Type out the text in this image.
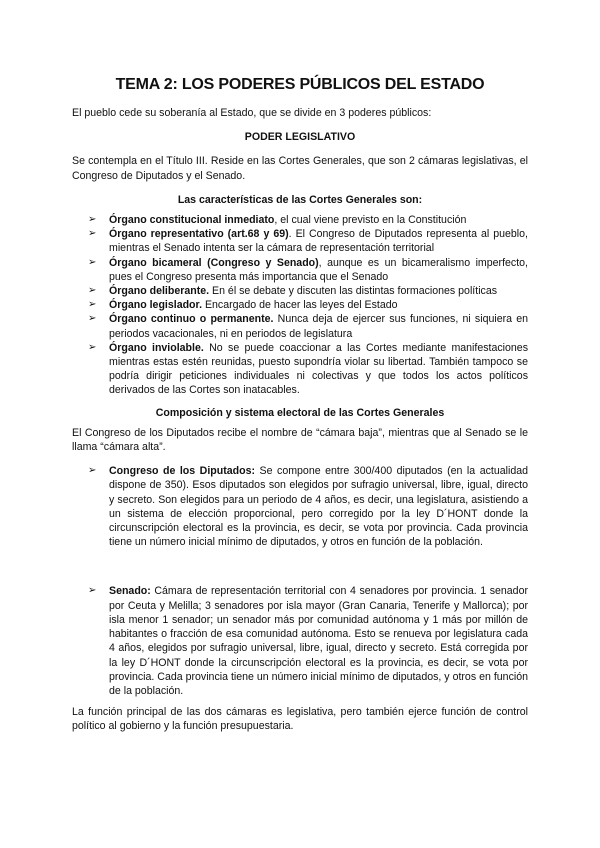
TEMA 2: LOS PODERES PÚBLICOS DEL ESTADO

El pueblo cede su soberanía al Estado, que se divide en 3 poderes públicos:

PODER LEGISLATIVO

Se contempla en el Título III. Reside en las Cortes Generales, que son 2 cámaras legislativas, el Congreso de Diputados y el Senado.

Las características de las Cortes Generales son:

➢ Órgano constitucional inmediato, el cual viene previsto en la Constitución
➢ Órgano representativo (art.68 y 69). El Congreso de Diputados representa al pueblo, mientras el Senado intenta ser la cámara de representación territorial
➢ Órgano bicameral (Congreso y Senado), aunque es un bicameralismo imperfecto, pues el Congreso presenta más importancia que el Senado
➢ Órgano deliberante. En él se debate y discuten las distintas formaciones políticas
➢ Órgano legislador. Encargado de hacer las leyes del Estado
➢ Órgano continuo o permanente. Nunca deja de ejercer sus funciones, ni siquiera en periodos vacacionales, ni en periodos de legislatura
➢ Órgano inviolable. No se puede coaccionar a las Cortes mediante manifestaciones mientras estas estén reunidas, puesto supondría violar su libertad. También tampoco se podría dirigir peticiones individuales ni colectivas y que todos los actos políticos derivados de las Cortes son inatacables.

Composición y sistema electoral de las Cortes Generales

El Congreso de los Diputados recibe el nombre de “cámara baja”, mientras que al Senado se le llama “cámara alta”.

➢ Congreso de los Diputados: Se compone entre 300/400 diputados (en la actualidad dispone de 350). Esos diputados son elegidos por sufragio universal, libre, igual, directo y secreto. Son elegidos para un periodo de 4 años, es decir, una legislatura, asistiendo a un sistema de elección proporcional, pero corregido por la ley D´HONT donde la circunscripción electoral es la provincia, es decir, se vota por provincia. Cada provincia tiene un número inicial mínimo de diputados, y otros en función de la población.
➢ Senado: Cámara de representación territorial con 4 senadores por provincia. 1 senador por Ceuta y Melilla; 3 senadores por isla mayor (Gran Canaria, Tenerife y Mallorca); por isla menor 1 senador; un senador más por comunidad autónoma y 1 más por millón de habitantes o fracción de esa comunidad autónoma. Esto se renueva por legislatura cada 4 años, elegidos por sufragio universal, libre, igual, directo y secreto. Está corregida por la ley D´HONT donde la circunscripción electoral es la provincia, es decir, se vota por provincia. Cada provincia tiene un número inicial mínimo de diputados, y otros en función de la población.

La función principal de las dos cámaras es legislativa, pero también ejerce función de control político al gobierno y la función presupuestaria.
